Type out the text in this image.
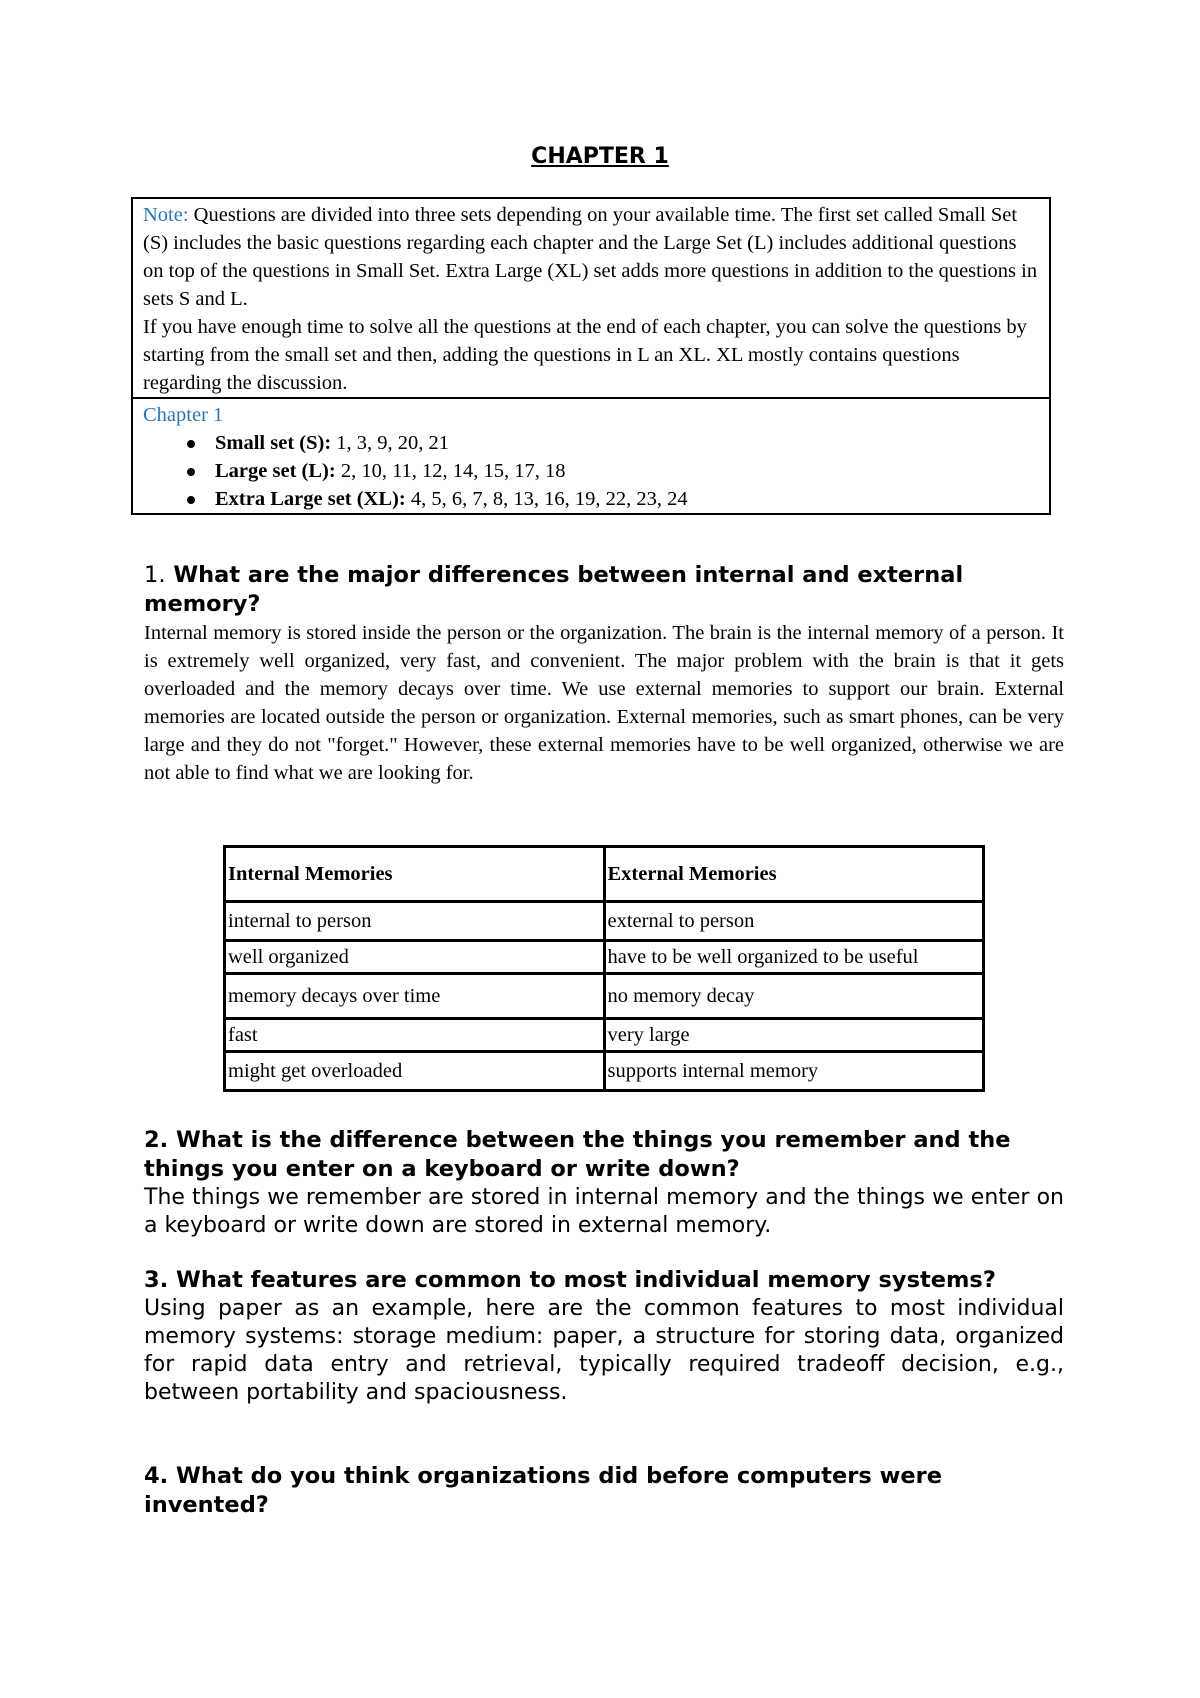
CHAPTER 1

Note: Questions are divided into three sets depending on your available time. The first set called Small Set (S) includes the basic questions regarding each chapter and the Large Set (L) includes additional questions on top of the questions in Small Set. Extra Large (XL) set adds more questions in addition to the questions in sets S and L.

If you have enough time to solve all the questions at the end of each chapter, you can solve the questions by starting from the small set and then, adding the questions in L an XL. XL mostly contains questions regarding the discussion.

Chapter 1
Small set (S): 1, 3, 9, 20, 21
Large set (L): 2, 10, 11, 12, 14, 15, 17, 18
Extra Large set (XL): 4, 5, 6, 7, 8, 13, 16, 19, 22, 23, 24

1. What are the major differences between internal and external memory?

Internal memory is stored inside the person or the organization. The brain is the internal memory of a person. It is extremely well organized, very fast, and convenient. The major problem with the brain is that it gets overloaded and the memory decays over time. We use external memories to support our brain. External memories are located outside the person or organization. External memories, such as smart phones, can be very large and they do not "forget." However, these external memories have to be well organized, otherwise we are not able to find what we are looking for.

Internal Memories	External Memories
internal to person	external to person
well organized	have to be well organized to be useful
memory decays over time	no memory decay
fast	very large
might get overloaded	supports internal memory

2. What is the difference between the things you remember and the things you enter on a keyboard or write down?

The things we remember are stored in internal memory and the things we enter on a keyboard or write down are stored in external memory.

3. What features are common to most individual memory systems?

Using paper as an example, here are the common features to most individual memory systems: storage medium: paper, a structure for storing data, organized for rapid data entry and retrieval, typically required tradeoff decision, e.g., between portability and spaciousness.

4. What do you think organizations did before computers were invented?
